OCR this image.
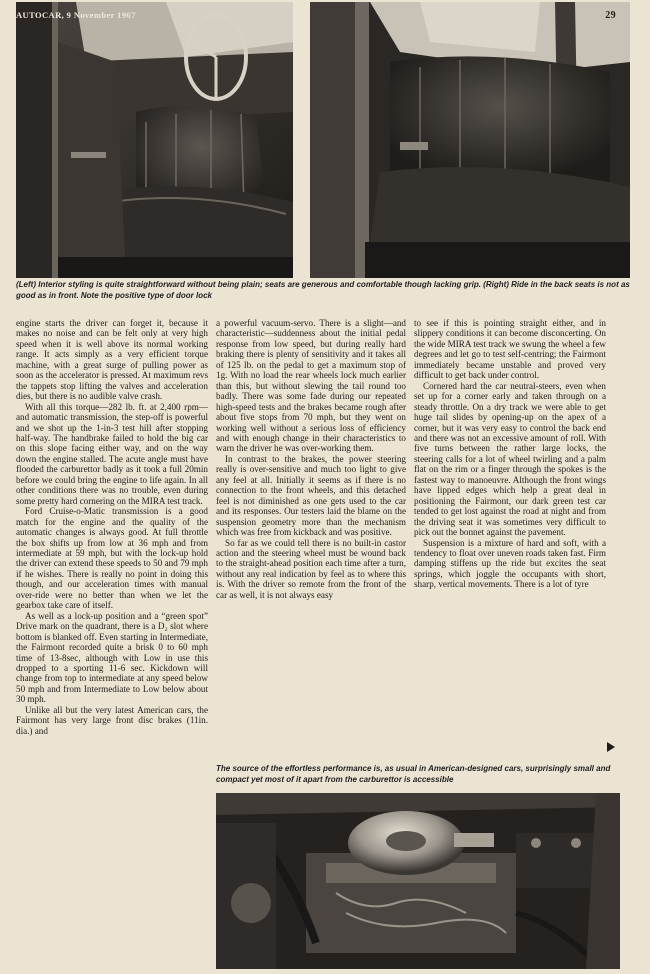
AUTOCAR, 9 November 1967	29
(Left) Interior styling is quite straightforward without being plain; seats are generous and comfortable though lacking grip. (Right) Ride in the back seats is not as good as in front. Note the positive type of door lock

engine starts the driver can forget it, because it makes no noise and can be felt only at very high speed when it is well above its normal working range. It acts simply as a very efficient torque machine, with a great surge of pulling power as soon as the accelerator is pressed. At maximum revs the tappets stop lifting the valves and acceleration dies, but there is no audible valve crash.

With all this torque—282 lb. ft. at 2,400 rpm—and automatic transmission, the step-off is powerful and we shot up the 1-in-3 test hill after stopping half-way. The handbrake failed to hold the big car on this slope facing either way, and on the way down the engine stalled. The acute angle must have flooded the carburettor badly as it took a full 20min before we could bring the engine to life again. In all other conditions there was no trouble, even during some pretty hard cornering on the MIRA test track.

Ford Cruise-o-Matic transmission is a good match for the engine and the quality of the automatic changes is always good. At full throttle the box shifts up from low at 36 mph and from intermediate at 59 mph, but with the lock-up hold the driver can extend these speeds to 50 and 79 mph if he wishes. There is really no point in doing this though, and our acceleration times with manual over-ride were no better than when we let the gearbox take care of itself.

As well as a lock-up position and a “green spot” Drive mark on the quadrant, there is a D₂ slot where bottom is blanked off. Even starting in Intermediate, the Fairmont recorded quite a brisk 0 to 60 mph time of 13-8sec, although with Low in use this dropped to a sporting 11-6 sec. Kickdown will change from top to intermediate at any speed below 50 mph and from Intermediate to Low below about 30 mph.

Unlike all but the very latest American cars, the Fairmont has very large front disc brakes (11in. dia.) and

a powerful vacuum-servo. There is a slight—and characteristic—suddenness about the initial pedal response from low speed, but during really hard braking there is plenty of sensitivity and it takes all of 125 lb. on the pedal to get a maximum stop of 1g. With no load the rear wheels lock much earlier than this, but without slewing the tail round too badly. There was some fade during our repeated high-speed tests and the brakes became rough after about five stops from 70 mph, but they went on working well without a serious loss of efficiency and with enough change in their characteristics to warn the driver he was over-working them.

In contrast to the brakes, the power steering really is over-sensitive and much too light to give any feel at all. Initially it seems as if there is no connection to the front wheels, and this detached feel is not diminished as one gets used to the car and its responses. Our testers laid the blame on the suspension geometry more than the mechanism which was free from kickback and was positive.

So far as we could tell there is no built-in castor action and the steering wheel must be wound back to the straight-ahead position each time after a turn, without any real indication by feel as to where this is. With the driver so remote from the front of the car as well, it is not always easy

to see if this is pointing straight either, and in slippery conditions it can become disconcerting. On the wide MIRA test track we swung the wheel a few degrees and let go to test self-centring; the Fairmont immediately became unstable and proved very difficult to get back under control.

Cornered hard the car neutral-steers, even when set up for a corner early and taken through on a steady throttle. On a dry track we were able to get huge tail slides by opening-up on the apex of a corner, but it was very easy to control the back end and there was not an excessive amount of roll. With five turns between the rather large locks, the steering calls for a lot of wheel twirling and a palm flat on the rim or a finger through the spokes is the fastest way to manoeuvre. Although the front wings have lipped edges which help a great deal in positioning the Fairmont, our dark green test car tended to get lost against the road at night and from the driving seat it was sometimes very difficult to pick out the bonnet against the pavement.

Suspension is a mixture of hard and soft, with a tendency to float over uneven roads taken fast. Firm damping stiffens up the ride but excites the seat springs, which joggle the occupants with short, sharp, vertical movements. There is a lot of tyre

The source of the effortless performance is, as usual in American-designed cars, surprisingly small and compact yet most of it apart from the carburettor is accessible
